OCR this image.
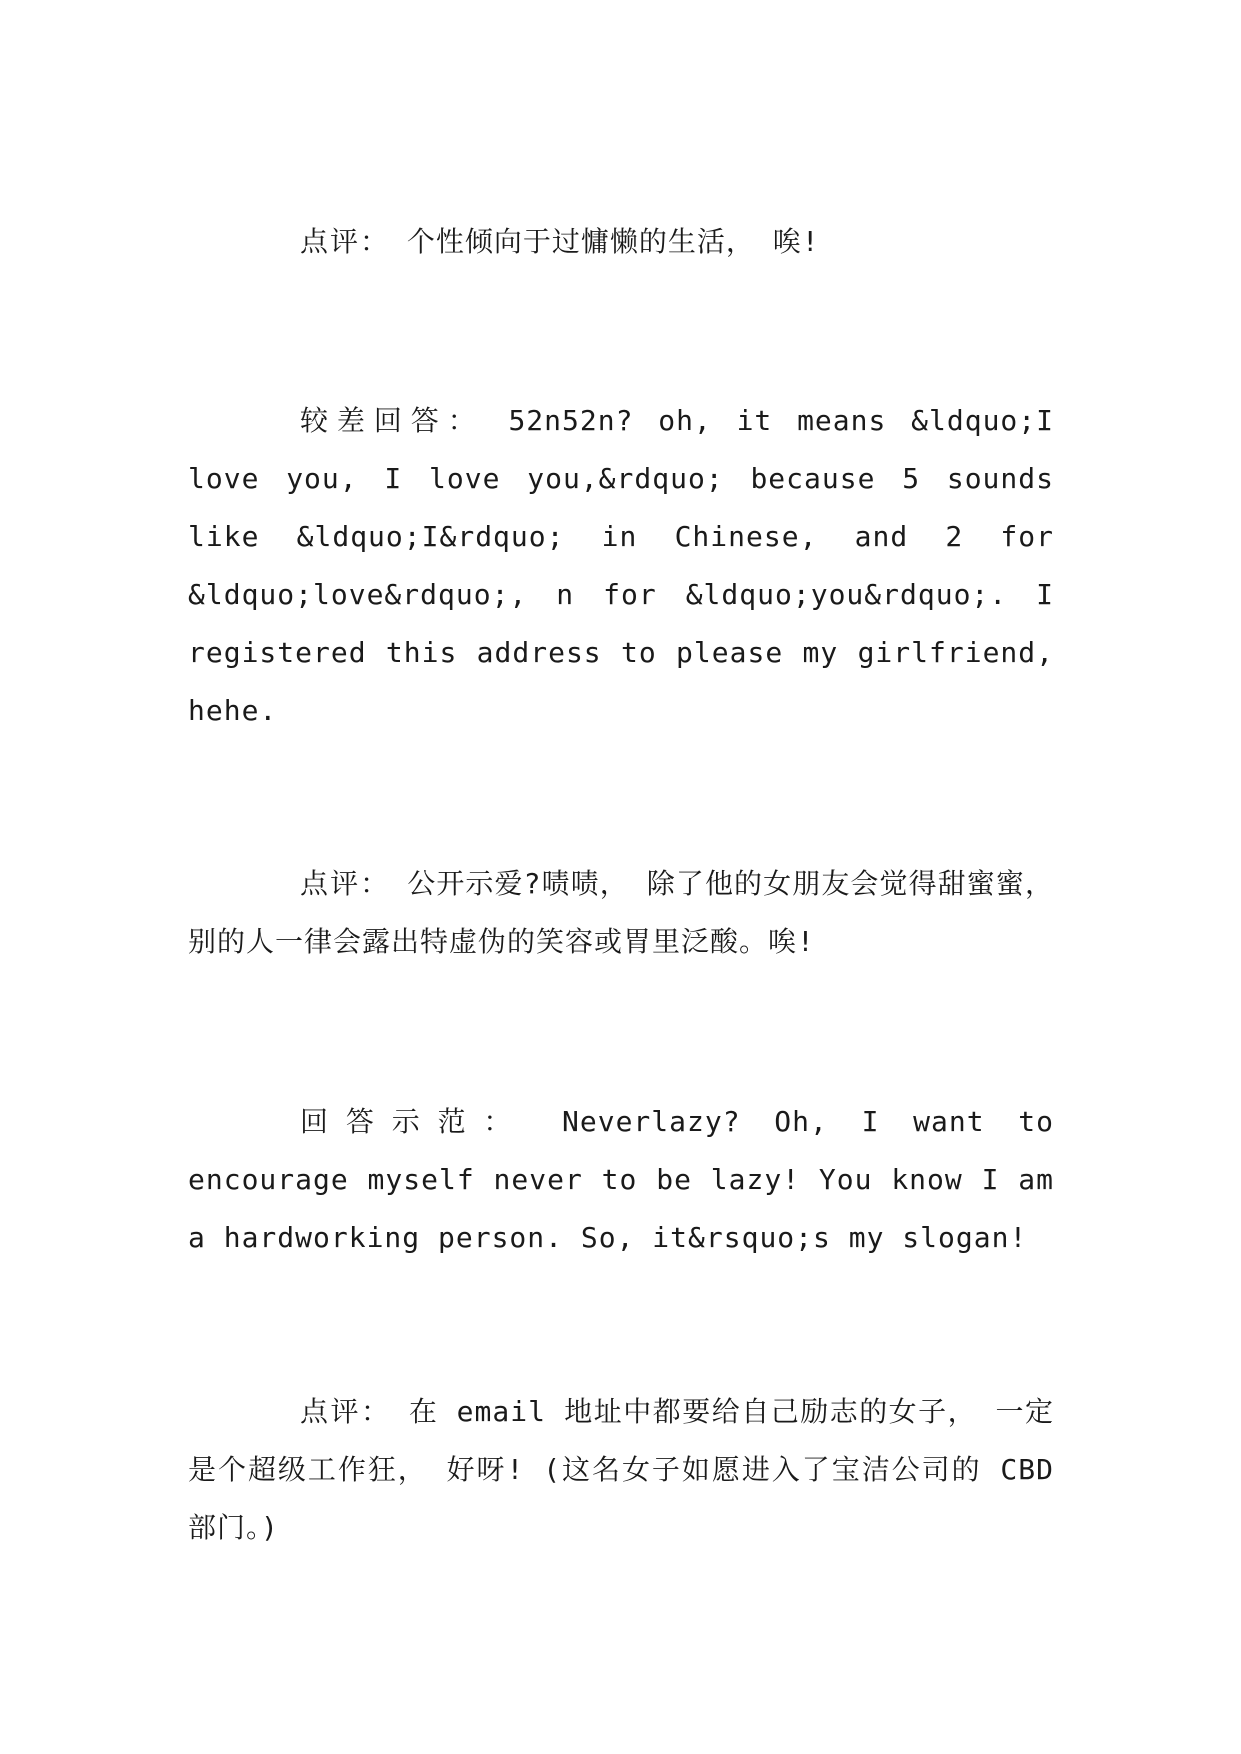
点评： 个性倾向于过慵懒的生活， 唉!

较差回答： 52n52n? oh, it means &ldquo;I love you, I love you,&rdquo; because 5 sounds like &ldquo;I&rdquo; in Chinese, and 2 for &ldquo;love&rdquo;, n for &ldquo;you&rdquo;. I registered this address to please my girlfriend, hehe.

点评： 公开示爱?啧啧， 除了他的女朋友会觉得甜蜜蜜， 别的人一律会露出特虚伪的笑容或胃里泛酸。唉!

回答示范： Neverlazy? Oh, I want to encourage myself never to be lazy! You know I am a hardworking person. So, it&rsquo;s my slogan!

点评： 在 email 地址中都要给自己励志的女子， 一定是个超级工作狂， 好呀! (这名女子如愿进入了宝洁公司的 CBD 部门。)
